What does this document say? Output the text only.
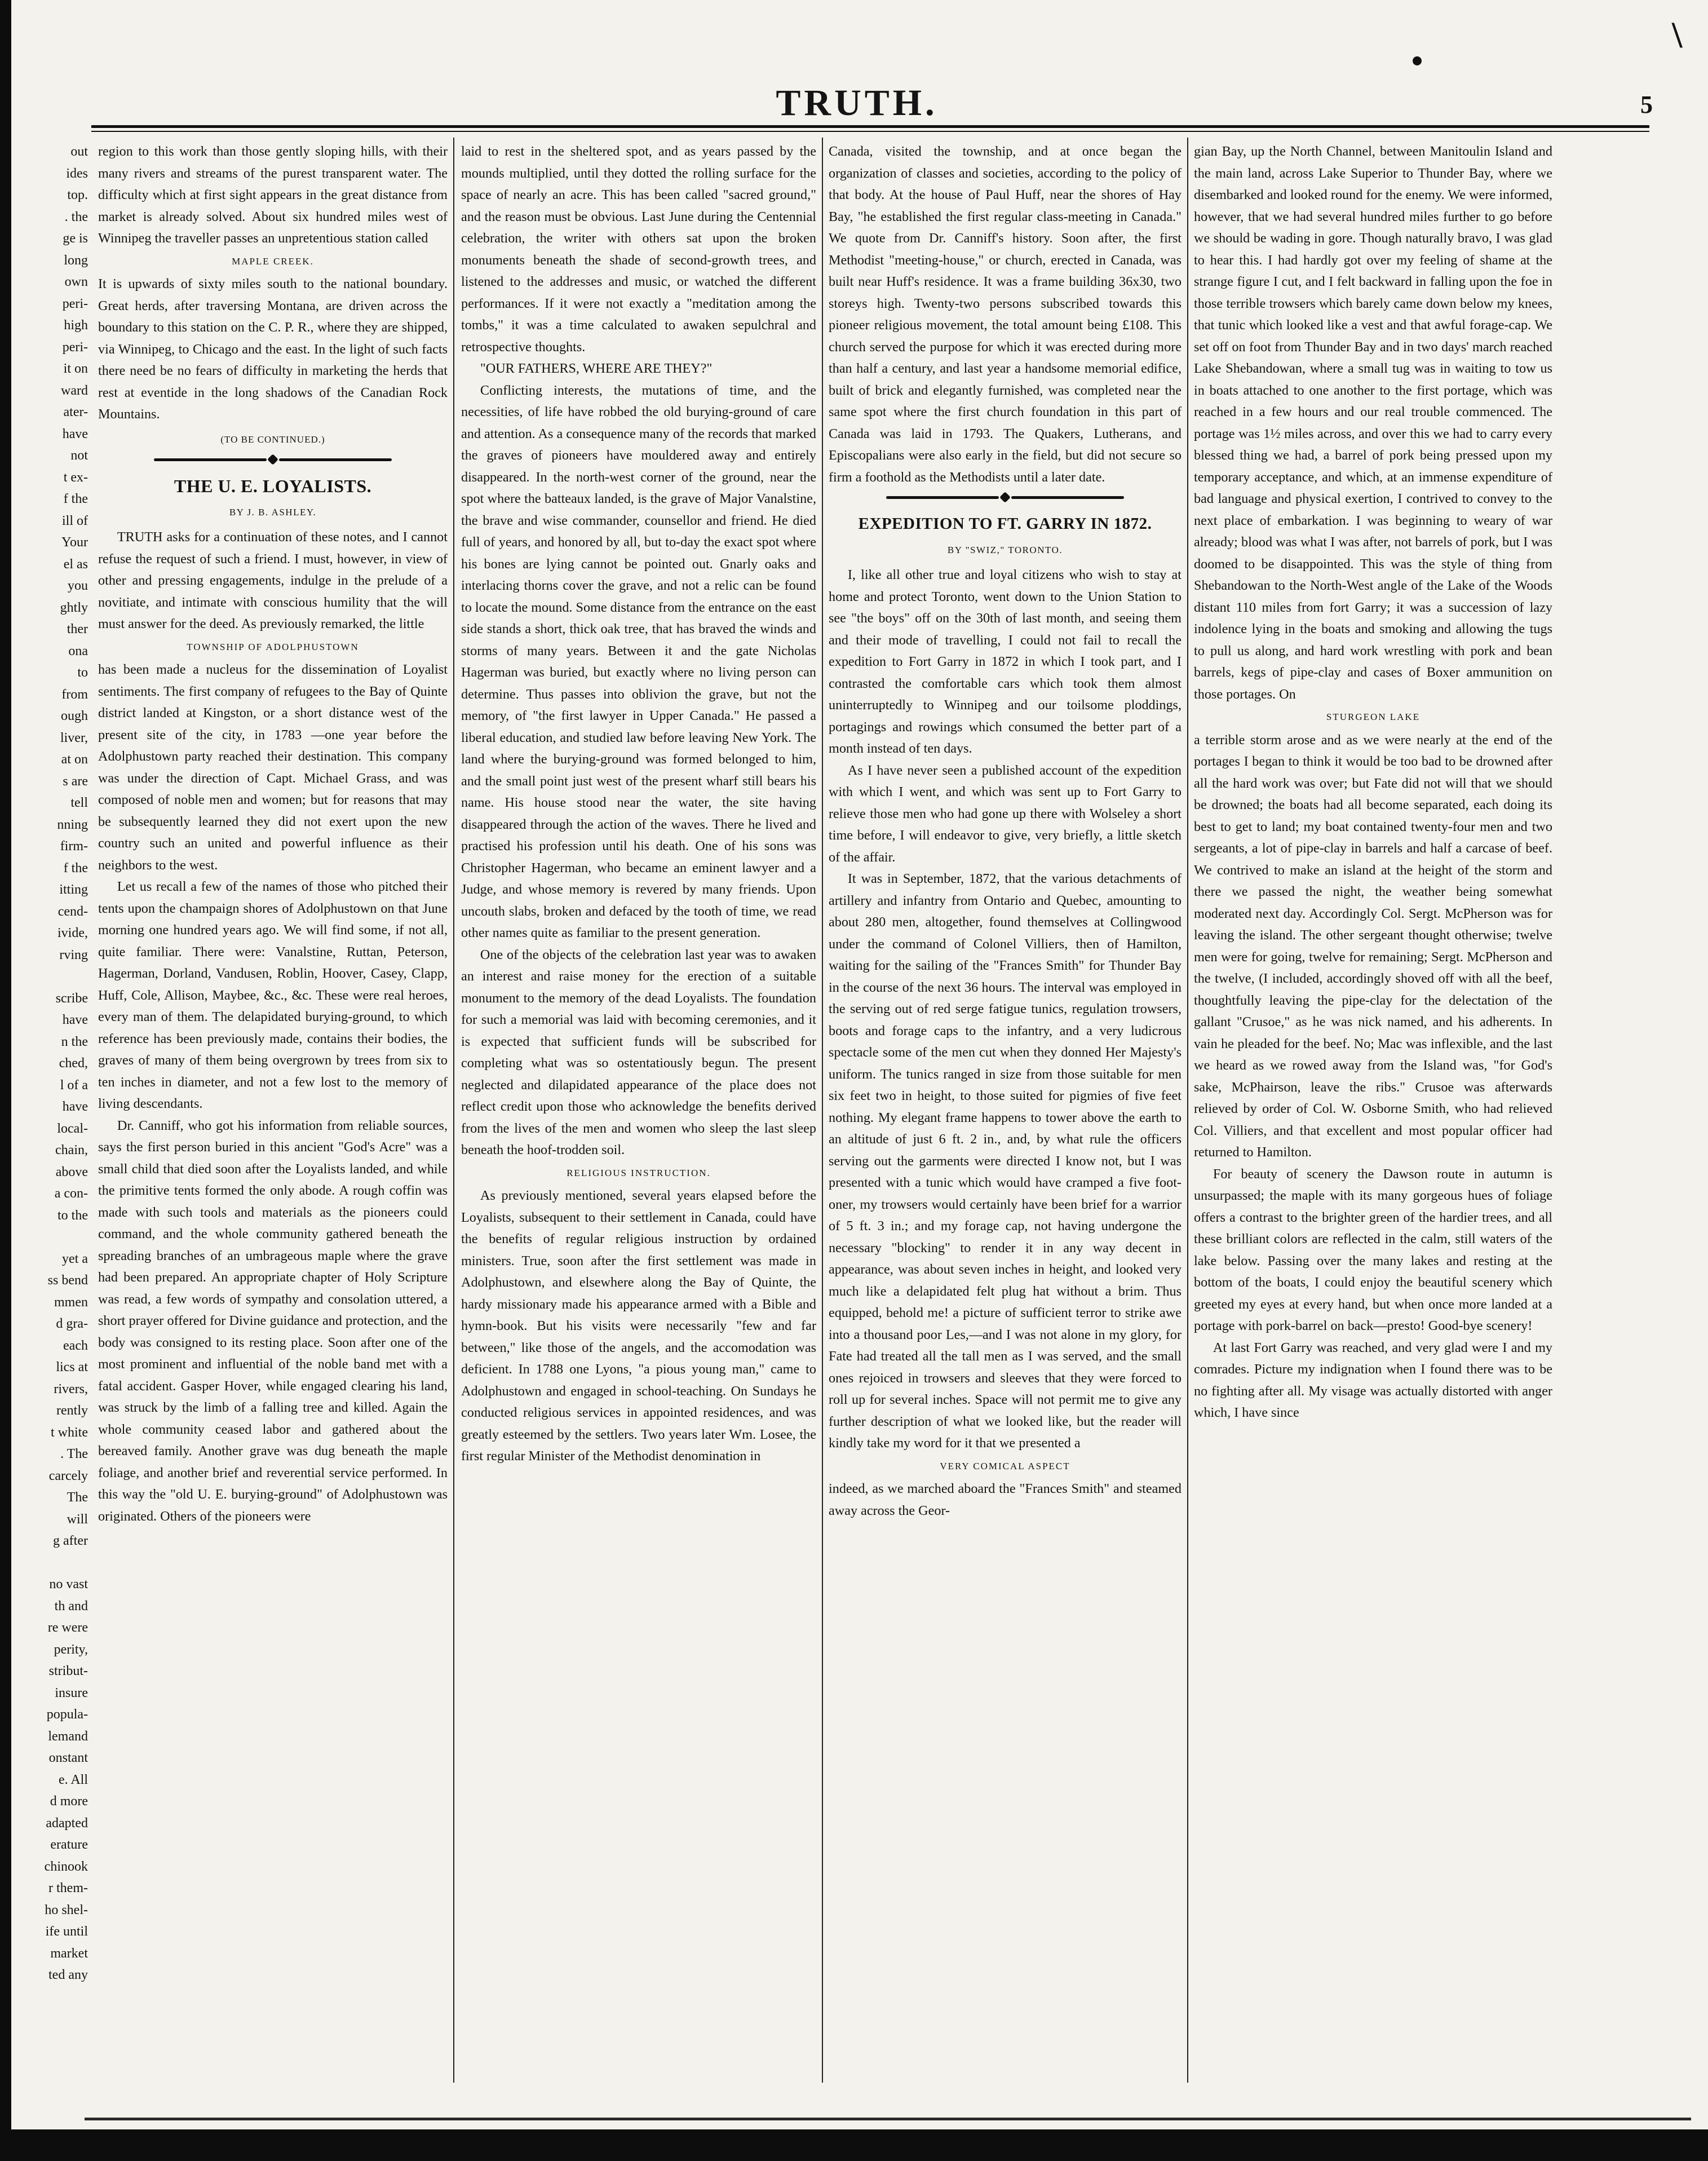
\
TRUTH.	5
out
ides
top.
. the
ge is
long
own
peri-
high
peri-
it on
ward
ater-
have
not
t ex-
f the
ill of
Your
el as
you
ghtly
ther
ona
to
from
ough
liver,
at on
s are
tell
nning
firm-
f the
itting
cend-
ivide,
rving
scribe
have
n the
ched,
l of a
have
local-
chain,
above
a con-
to the
yet a
ss bend
mmen
d gra-
each
lics at
rivers,
rently
t white
. The
carcely
The
will
g after
no vast
th and
re were
perity,
stribut-
insure
popula-
lemand
onstant
e. All
d more
adapted
erature
chinook
r them-
ho shel-
ife until
market
ted any

region to this work than those gently sloping hills, with their many rivers and streams of the purest transparent water. The difficulty which at first sight appears in the great distance from market is already solved. About six hundred miles west of Winnipeg the traveller passes an unpretentious station called

MAPLE CREEK.

It is upwards of sixty miles south to the national boundary. Great herds, after traversing Montana, are driven across the boundary to this station on the C. P. R., where they are shipped, via Winnipeg, to Chicago and the east. In the light of such facts there need be no fears of difficulty in marketing the herds that rest at eventide in the long shadows of the Canadian Rock Mountains.

(TO BE CONTINUED.)
THE U. E. LOYALISTS.
BY J. B. ASHLEY.

TRUTH asks for a continuation of these notes, and I cannot refuse the request of such a friend. I must, however, in view of other and pressing engagements, indulge in the prelude of a novitiate, and intimate with conscious humility that the will must answer for the deed. As previously remarked, the little

TOWNSHIP OF ADOLPHUSTOWN

has been made a nucleus for the dissemination of Loyalist sentiments. The first company of refugees to the Bay of Quinte district landed at Kingston, or a short distance west of the present site of the city, in 1783 —one year before the Adolphustown party reached their destination. This company was under the direction of Capt. Michael Grass, and was composed of noble men and women; but for reasons that may be subsequently learned they did not exert upon the new country such an united and powerful influence as their neighbors to the west.

Let us recall a few of the names of those who pitched their tents upon the champaign shores of Adolphustown on that June morning one hundred years ago. We will find some, if not all, quite familiar. There were: Vanalstine, Ruttan, Peterson, Hagerman, Dorland, Vandusen, Roblin, Hoover, Casey, Clapp, Huff, Cole, Allison, Maybee, &c., &c. These were real heroes, every man of them. The delapidated burying-ground, to which reference has been previously made, contains their bodies, the graves of many of them being overgrown by trees from six to ten inches in diameter, and not a few lost to the memory of living descendants.

Dr. Canniff, who got his information from reliable sources, says the first person buried in this ancient "God's Acre" was a small child that died soon after the Loyalists landed, and while the primitive tents formed the only abode. A rough coffin was made with such tools and materials as the pioneers could command, and the whole community gathered beneath the spreading branches of an umbrageous maple where the grave had been prepared. An appropriate chapter of Holy Scripture was read, a few words of sympathy and consolation uttered, a short prayer offered for Divine guidance and protection, and the body was consigned to its resting place. Soon after one of the most prominent and influential of the noble band met with a fatal accident. Gasper Hover, while engaged clearing his land, was struck by the limb of a falling tree and killed. Again the whole community ceased labor and gathered about the bereaved family. Another grave was dug beneath the maple foliage, and another brief and reverential service performed. In this way the "old U. E. burying-ground" of Adolphustown was originated. Others of the pioneers were

laid to rest in the sheltered spot, and as years passed by the mounds multiplied, until they dotted the rolling surface for the space of nearly an acre. This has been called "sacred ground," and the reason must be obvious. Last June during the Centennial celebration, the writer with others sat upon the broken monuments beneath the shade of second-growth trees, and listened to the addresses and music, or watched the different performances. If it were not exactly a "meditation among the tombs," it was a time calculated to awaken sepulchral and retrospective thoughts.

"OUR FATHERS, WHERE ARE THEY?"

Conflicting interests, the mutations of time, and the necessities, of life have robbed the old burying-ground of care and attention. As a consequence many of the records that marked the graves of pioneers have mouldered away and entirely disappeared. In the north-west corner of the ground, near the spot where the batteaux landed, is the grave of Major Vanalstine, the brave and wise commander, counsellor and friend. He died full of years, and honored by all, but to-day the exact spot where his bones are lying cannot be pointed out. Gnarly oaks and interlacing thorns cover the grave, and not a relic can be found to locate the mound. Some distance from the entrance on the east side stands a short, thick oak tree, that has braved the winds and storms of many years. Between it and the gate Nicholas Hagerman was buried, but exactly where no living person can determine. Thus passes into oblivion the grave, but not the memory, of "the first lawyer in Upper Canada." He passed a liberal education, and studied law before leaving New York. The land where the burying-ground was formed belonged to him, and the small point just west of the present wharf still bears his name. His house stood near the water, the site having disappeared through the action of the waves. There he lived and practised his profession until his death. One of his sons was Christopher Hagerman, who became an eminent lawyer and a Judge, and whose memory is revered by many friends. Upon uncouth slabs, broken and defaced by the tooth of time, we read other names quite as familiar to the present generation.

One of the objects of the celebration last year was to awaken an interest and raise money for the erection of a suitable monument to the memory of the dead Loyalists. The foundation for such a memorial was laid with becoming ceremonies, and it is expected that sufficient funds will be subscribed for completing what was so ostentatiously begun. The present neglected and dilapidated appearance of the place does not reflect credit upon those who acknowledge the benefits derived from the lives of the men and women who sleep the last sleep beneath the hoof-trodden soil.

RELIGIOUS INSTRUCTION.

As previously mentioned, several years elapsed before the Loyalists, subsequent to their settlement in Canada, could have the benefits of regular religious instruction by ordained ministers. True, soon after the first settlement was made in Adolphustown, and elsewhere along the Bay of Quinte, the hardy missionary made his appearance armed with a Bible and hymn-book. But his visits were necessarily "few and far between," like those of the angels, and the accomodation was deficient. In 1788 one Lyons, "a pious young man," came to Adolphustown and engaged in school-teaching. On Sundays he conducted religious services in appointed residences, and was greatly esteemed by the settlers. Two years later Wm. Losee, the first regular Minister of the Methodist denomination in

Canada, visited the township, and at once began the organization of classes and societies, according to the policy of that body. At the house of Paul Huff, near the shores of Hay Bay, "he established the first regular class-meeting in Canada." We quote from Dr. Canniff's history. Soon after, the first Methodist "meeting-house," or church, erected in Canada, was built near Huff's residence. It was a frame building 36x30, two storeys high. Twenty-two persons subscribed towards this pioneer religious movement, the total amount being £108. This church served the purpose for which it was erected during more than half a century, and last year a handsome memorial edifice, built of brick and elegantly furnished, was completed near the same spot where the first church foundation in this part of Canada was laid in 1793. The Quakers, Lutherans, and Episcopalians were also early in the field, but did not secure so firm a foothold as the Methodists until a later date.

EXPEDITION TO FT. GARRY IN 1872.
BY "SWIZ," TORONTO.

I, like all other true and loyal citizens who wish to stay at home and protect Toronto, went down to the Union Station to see "the boys" off on the 30th of last month, and seeing them and their mode of travelling, I could not fail to recall the expedition to Fort Garry in 1872 in which I took part, and I contrasted the comfortable cars which took them almost uninterruptedly to Winnipeg and our toilsome ploddings, portagings and rowings which consumed the better part of a month instead of ten days.

As I have never seen a published account of the expedition with which I went, and which was sent up to Fort Garry to relieve those men who had gone up there with Wolseley a short time before, I will endeavor to give, very briefly, a little sketch of the affair.

It was in September, 1872, that the various detachments of artillery and infantry from Ontario and Quebec, amounting to about 280 men, altogether, found themselves at Collingwood under the command of Colonel Villiers, then of Hamilton, waiting for the sailing of the "Frances Smith" for Thunder Bay in the course of the next 36 hours. The interval was employed in the serving out of red serge fatigue tunics, regulation trowsers, boots and forage caps to the infantry, and a very ludicrous spectacle some of the men cut when they donned Her Majesty's uniform. The tunics ranged in size from those suitable for men six feet two in height, to those suited for pigmies of five feet nothing. My elegant frame happens to tower above the earth to an altitude of just 6 ft. 2 in., and, by what rule the officers serving out the garments were directed I know not, but I was presented with a tunic which would have cramped a five foot-oner, my trowsers would certainly have been brief for a warrior of 5 ft. 3 in.; and my forage cap, not having undergone the necessary "blocking" to render it in any way decent in appearance, was about seven inches in height, and looked very much like a delapidated felt plug hat without a brim. Thus equipped, behold me! a picture of sufficient terror to strike awe into a thousand poor Les,—and I was not alone in my glory, for Fate had treated all the tall men as I was served, and the small ones rejoiced in trowsers and sleeves that they were forced to roll up for several inches. Space will not permit me to give any further description of what we looked like, but the reader will kindly take my word for it that we presented a

VERY COMICAL ASPECT

indeed, as we marched aboard the "Frances Smith" and steamed away across the Geor-

gian Bay, up the North Channel, between Manitoulin Island and the main land, across Lake Superior to Thunder Bay, where we disembarked and looked round for the enemy. We were informed, however, that we had several hundred miles further to go before we should be wading in gore. Though naturally bravo, I was glad to hear this. I had hardly got over my feeling of shame at the strange figure I cut, and I felt backward in falling upon the foe in those terrible trowsers which barely came down below my knees, that tunic which looked like a vest and that awful forage-cap. We set off on foot from Thunder Bay and in two days' march reached Lake Shebandowan, where a small tug was in waiting to tow us in boats attached to one another to the first portage, which was reached in a few hours and our real trouble commenced. The portage was 1½ miles across, and over this we had to carry every blessed thing we had, a barrel of pork being pressed upon my temporary acceptance, and which, at an immense expenditure of bad language and physical exertion, I contrived to convey to the next place of embarkation. I was beginning to weary of war already; blood was what I was after, not barrels of pork, but I was doomed to be disappointed. This was the style of thing from Shebandowan to the North-West angle of the Lake of the Woods distant 110 miles from fort Garry; it was a succession of lazy indolence lying in the boats and smoking and allowing the tugs to pull us along, and hard work wrestling with pork and bean barrels, kegs of pipe-clay and cases of Boxer ammunition on those portages. On

STURGEON LAKE

a terrible storm arose and as we were nearly at the end of the portages I began to think it would be too bad to be drowned after all the hard work was over; but Fate did not will that we should be drowned; the boats had all become separated, each doing its best to get to land; my boat contained twenty-four men and two sergeants, a lot of pipe-clay in barrels and half a carcase of beef. We contrived to make an island at the height of the storm and there we passed the night, the weather being somewhat moderated next day. Accordingly Col. Sergt. McPherson was for leaving the island. The other sergeant thought otherwise; twelve men were for going, twelve for remaining; Sergt. McPherson and the twelve, (I included, accordingly shoved off with all the beef, thoughtfully leaving the pipe-clay for the delectation of the gallant "Crusoe," as he was nick named, and his adherents. In vain he pleaded for the beef. No; Mac was inflexible, and the last we heard as we rowed away from the Island was, "for God's sake, McPhairson, leave the ribs." Crusoe was afterwards relieved by order of Col. W. Osborne Smith, who had relieved Col. Villiers, and that excellent and most popular officer had returned to Hamilton.

For beauty of scenery the Dawson route in autumn is unsurpassed; the maple with its many gorgeous hues of foliage offers a contrast to the brighter green of the hardier trees, and all these brilliant colors are reflected in the calm, still waters of the lake below. Passing over the many lakes and resting at the bottom of the boats, I could enjoy the beautiful scenery which greeted my eyes at every hand, but when once more landed at a portage with pork-barrel on back—presto! Good-bye scenery!

At last Fort Garry was reached, and very glad were I and my comrades. Picture my indignation when I found there was to be no fighting after all. My visage was actually distorted with anger which, I have since
